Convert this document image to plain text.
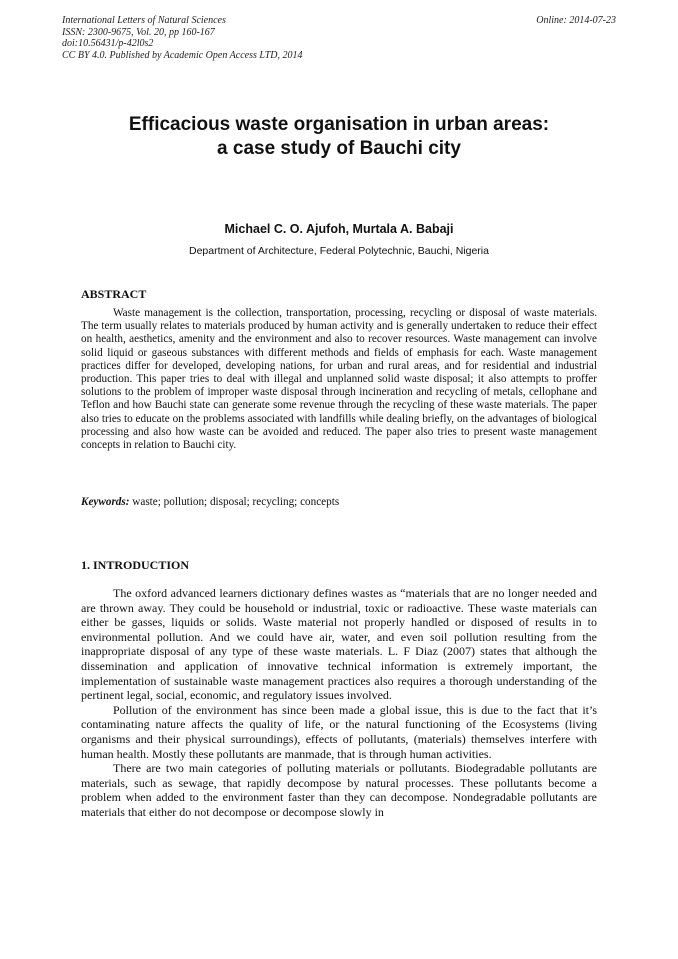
International Letters of Natural Sciences
ISSN: 2300-9675, Vol. 20, pp 160-167
doi:10.56431/p-42l0s2
CC BY 4.0. Published by Academic Open Access LTD, 2014
Online: 2014-07-23
Efficacious waste organisation in urban areas:
a case study of Bauchi city
Michael C. O. Ajufoh, Murtala A. Babaji
Department of Architecture, Federal Polytechnic, Bauchi, Nigeria
ABSTRACT
Waste management is the collection, transportation, processing, recycling or disposal of waste materials. The term usually relates to materials produced by human activity and is generally undertaken to reduce their effect on health, aesthetics, amenity and the environment and also to recover resources. Waste management can involve solid liquid or gaseous substances with different methods and fields of emphasis for each. Waste management practices differ for developed, developing nations, for urban and rural areas, and for residential and industrial production. This paper tries to deal with illegal and unplanned solid waste disposal; it also attempts to proffer solutions to the problem of improper waste disposal through incineration and recycling of metals, cellophane and Teflon and how Bauchi state can generate some revenue through the recycling of these waste materials. The paper also tries to educate on the problems associated with landfills while dealing briefly, on the advantages of biological processing and also how waste can be avoided and reduced. The paper also tries to present waste management concepts in relation to Bauchi city.
Keywords: waste; pollution; disposal; recycling; concepts
1. INTRODUCTION

The oxford advanced learners dictionary defines wastes as “materials that are no longer needed and are thrown away. They could be household or industrial, toxic or radioactive. These waste materials can either be gasses, liquids or solids. Waste material not properly handled or disposed of results in to environmental pollution. And we could have air, water, and even soil pollution resulting from the inappropriate disposal of any type of these waste materials. L. F Diaz (2007) states that although the dissemination and application of innovative technical information is extremely important, the implementation of sustainable waste management practices also requires a thorough understanding of the pertinent legal, social, economic, and regulatory issues involved.

Pollution of the environment has since been made a global issue, this is due to the fact that it’s contaminating nature affects the quality of life, or the natural functioning of the Ecosystems (living organisms and their physical surroundings), effects of pollutants, (materials) themselves interfere with human health. Mostly these pollutants are manmade, that is through human activities.

There are two main categories of polluting materials or pollutants. Biodegradable pollutants are materials, such as sewage, that rapidly decompose by natural processes. These pollutants become a problem when added to the environment faster than they can decompose. Nondegradable pollutants are materials that either do not decompose or decompose slowly in
